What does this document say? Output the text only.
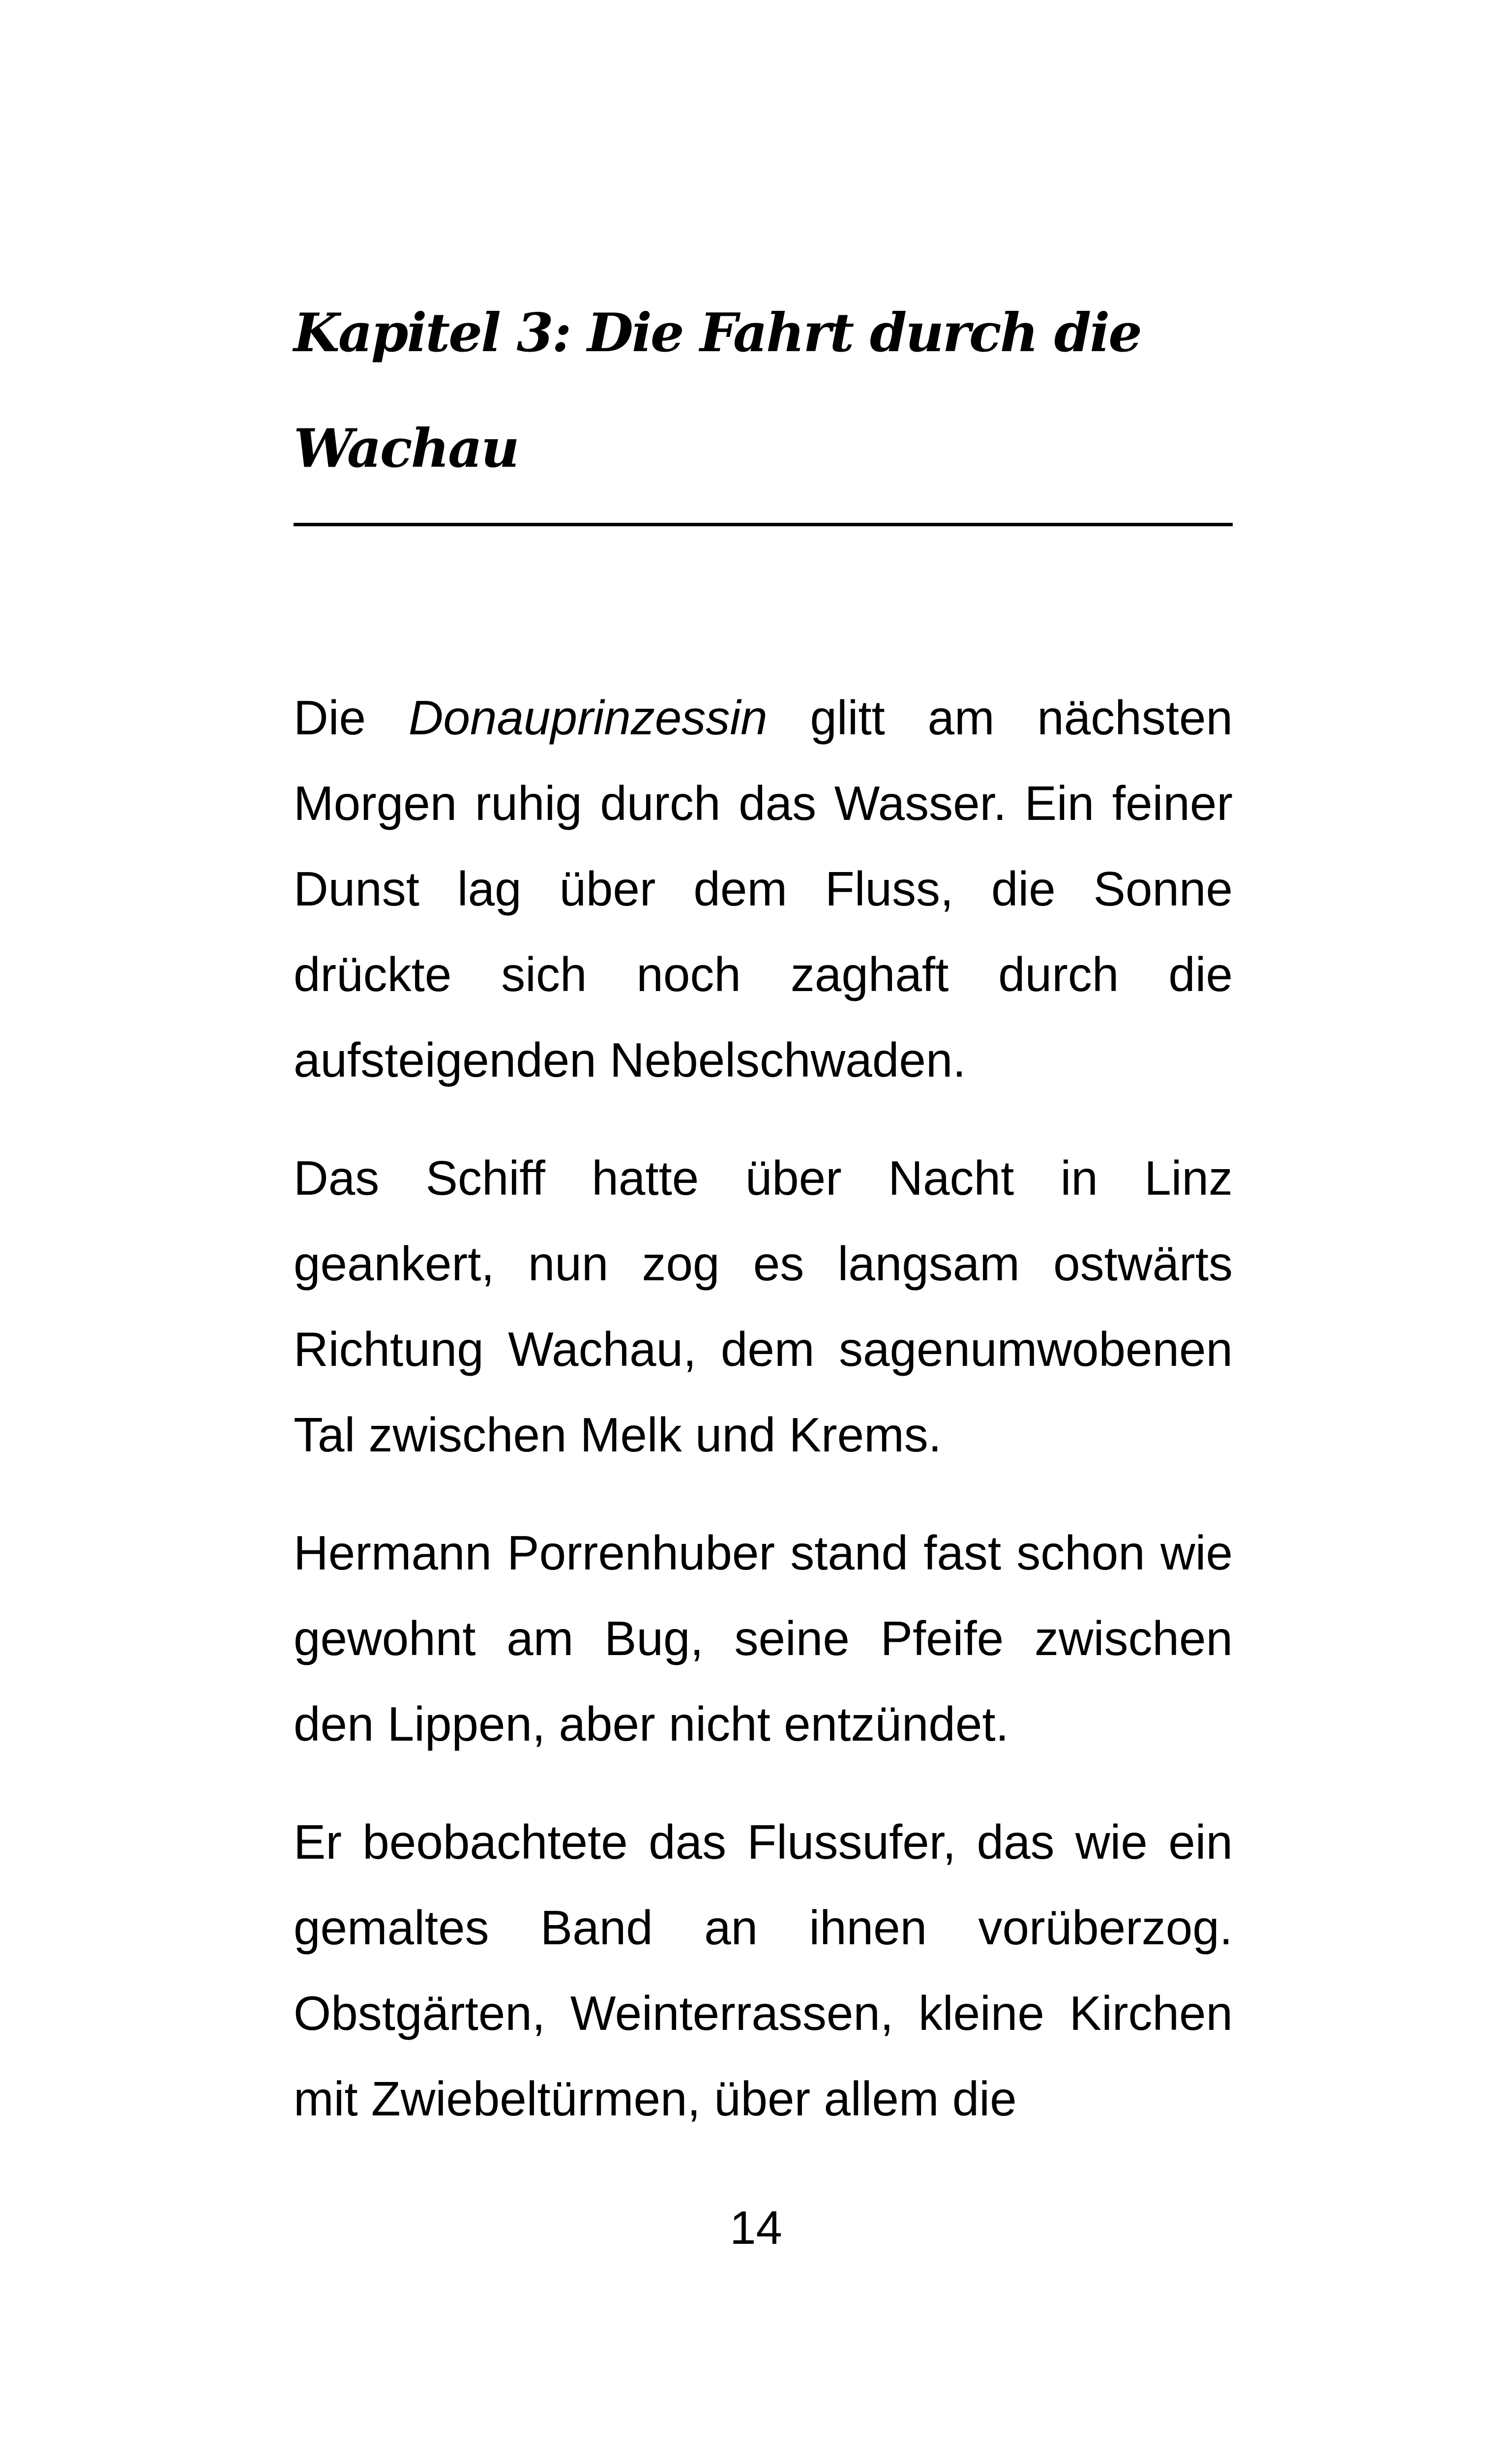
Kapitel 3: Die Fahrt durch die Wachau

Die Donauprinzessin glitt am nächsten Morgen ruhig durch das Wasser. Ein feiner Dunst lag über dem Fluss, die Sonne drückte sich noch zaghaft durch die aufsteigenden Nebelschwaden.

Das Schiff hatte über Nacht in Linz geankert, nun zog es langsam ostwärts Richtung Wachau, dem sagenumwobenen Tal zwischen Melk und Krems.

Hermann Porrenhuber stand fast schon wie gewohnt am Bug, seine Pfeife zwischen den Lippen, aber nicht entzündet.

Er beobachtete das Flussufer, das wie ein gemaltes Band an ihnen vorüberzog. Obstgärten, Weinterrassen, kleine Kirchen mit Zwiebeltürmen, über allem die

14
